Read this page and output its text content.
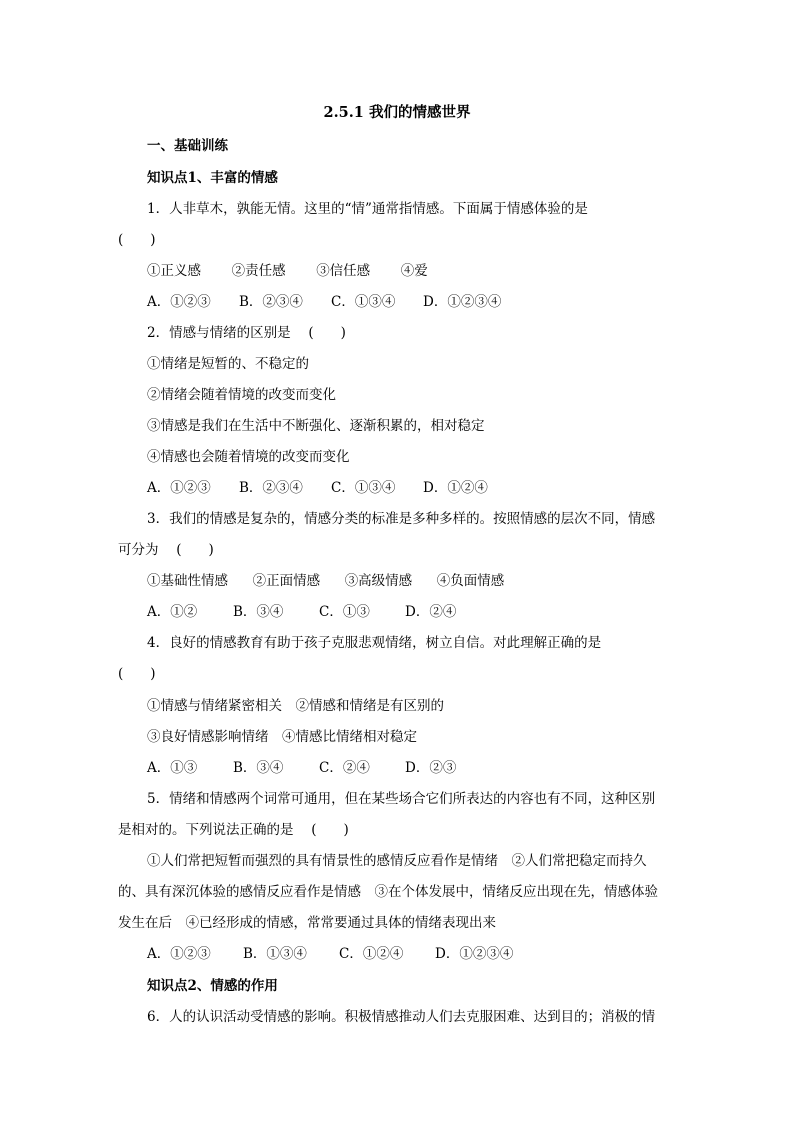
2.5.1 我们的情感世界
一、基础训练
知识点1、丰富的情感
1．人非草木，孰能无情。这里的“情”通常指情感。下面属于情感体验的是
(　　)
①正义感 ②责任感 ③信任感 ④爱
A．①②③ B．②③④ C．①③④ D．①②③④
2．情感与情绪的区别是　 (　　)
①情绪是短暂的、不稳定的
②情绪会随着情境的改变而变化
③情感是我们在生活中不断强化、逐渐积累的，相对稳定
④情感也会随着情境的改变而变化
A．①②③ B．②③④ C．①③④ D．①②④
3．我们的情感是复杂的，情感分类的标准是多种多样的。按照情感的层次不同，情感
可分为　 (　　)
①基础性情感 ②正面情感 ③高级情感 ④负面情感
A．①②	B．③④	C．①③	D．②④
4．良好的情感教育有助于孩子克服悲观情绪，树立自信。对此理解正确的是
(　　)
①情感与情绪紧密相关　②情感和情绪是有区别的
③良好情感影响情绪　④情感比情绪相对稳定
A．①③	B．③④	C．②④	D．②③
5．情绪和情感两个词常可通用，但在某些场合它们所表达的内容也有不同，这种区别
是相对的。下列说法正确的是　 (　　)
①人们常把短暂而强烈的具有情景性的感情反应看作是情绪　②人们常把稳定而持久
的、具有深沉体验的感情反应看作是情感　③在个体发展中，情绪反应出现在先，情感体验
发生在后　④已经形成的情感，常常要通过具体的情绪表现出来
A．①②③ B．①③④ C．①②④ D．①②③④
知识点2、情感的作用
6．人的认识活动受情感的影响。积极情感推动人们去克服困难、达到目的；消极的情
